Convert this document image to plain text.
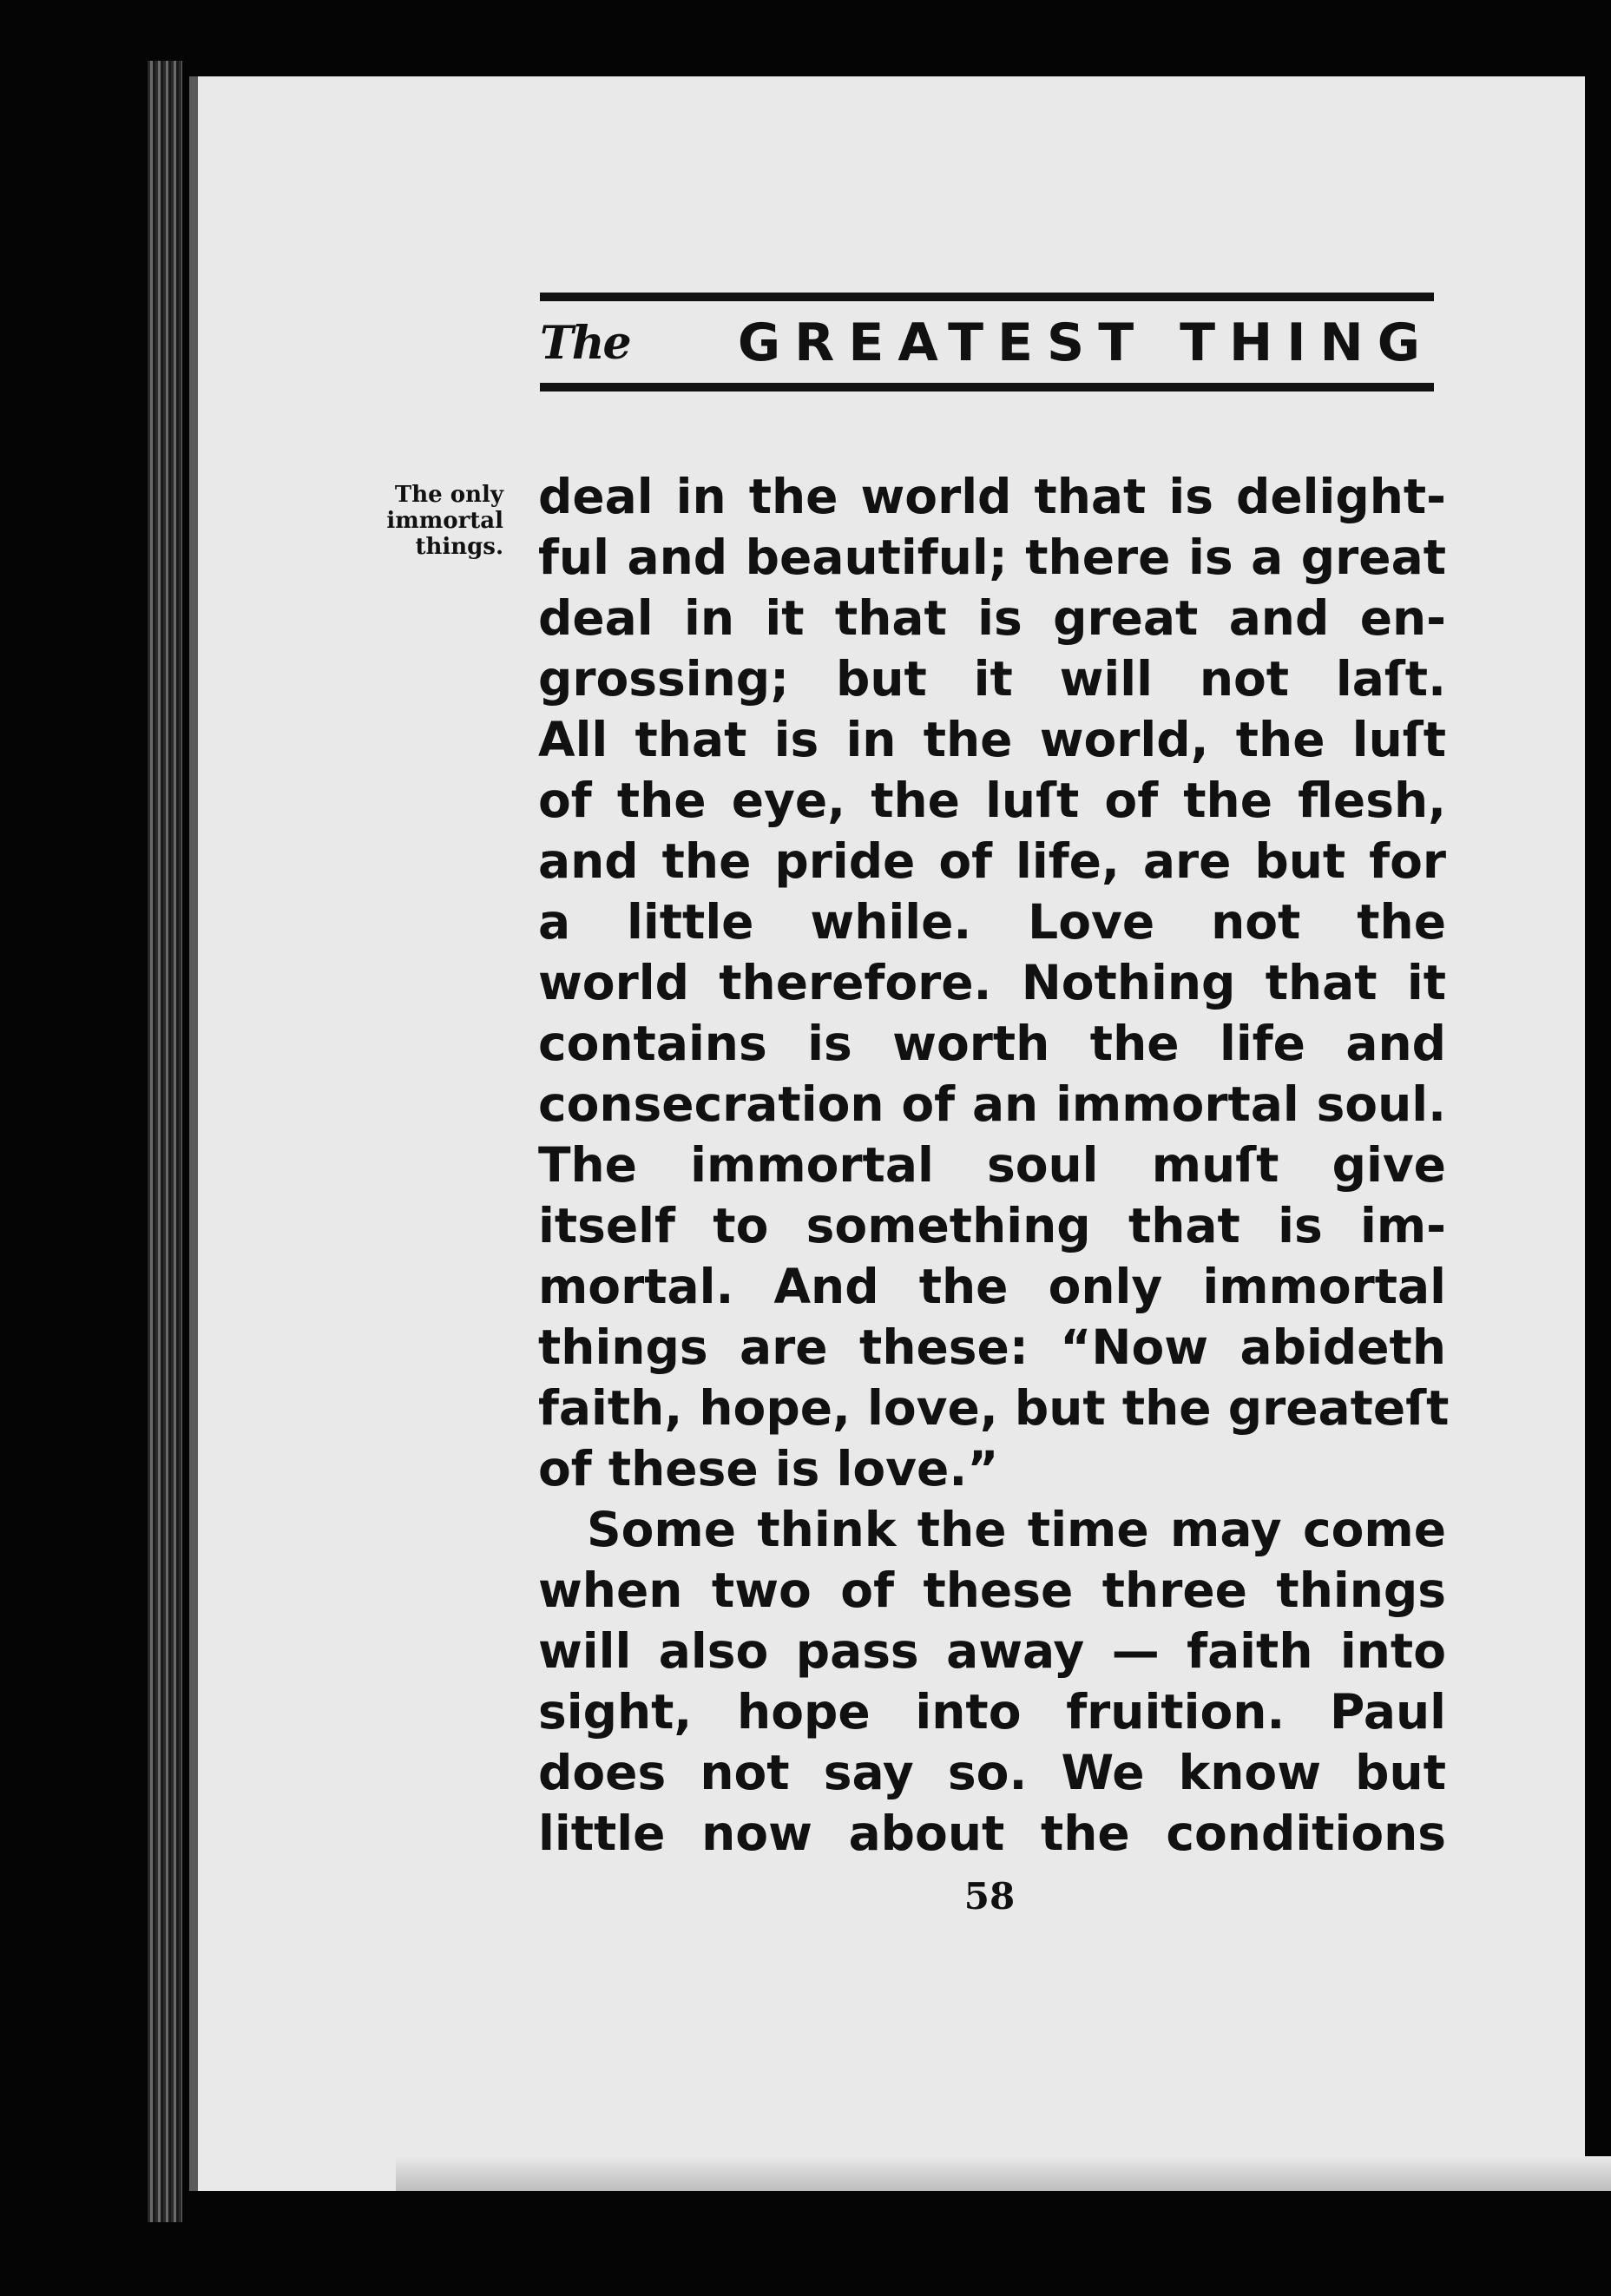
The GREATEST THING
The only
immortal
things.
deal in the world that is delight-
ful and beautiful; there is a great
deal in it that is great and en-
grossing; but it will not laſt.
All that is in the world, the luſt
of the eye, the luſt of the flesh,
and the pride of life, are but for
a little while. Love not the
world therefore. Nothing that it
contains is worth the life and
consecration of an immortal soul.
The immortal soul muſt give
itself to something that is im-
mortal. And the only immortal
things are these: “Now abideth
faith, hope, love, but the greateſt
of these is love.”
Some think the time may come
when two of these three things
will also pass away — faith into
sight, hope into fruition. Paul
does not say so. We know but
little now about the conditions
58
